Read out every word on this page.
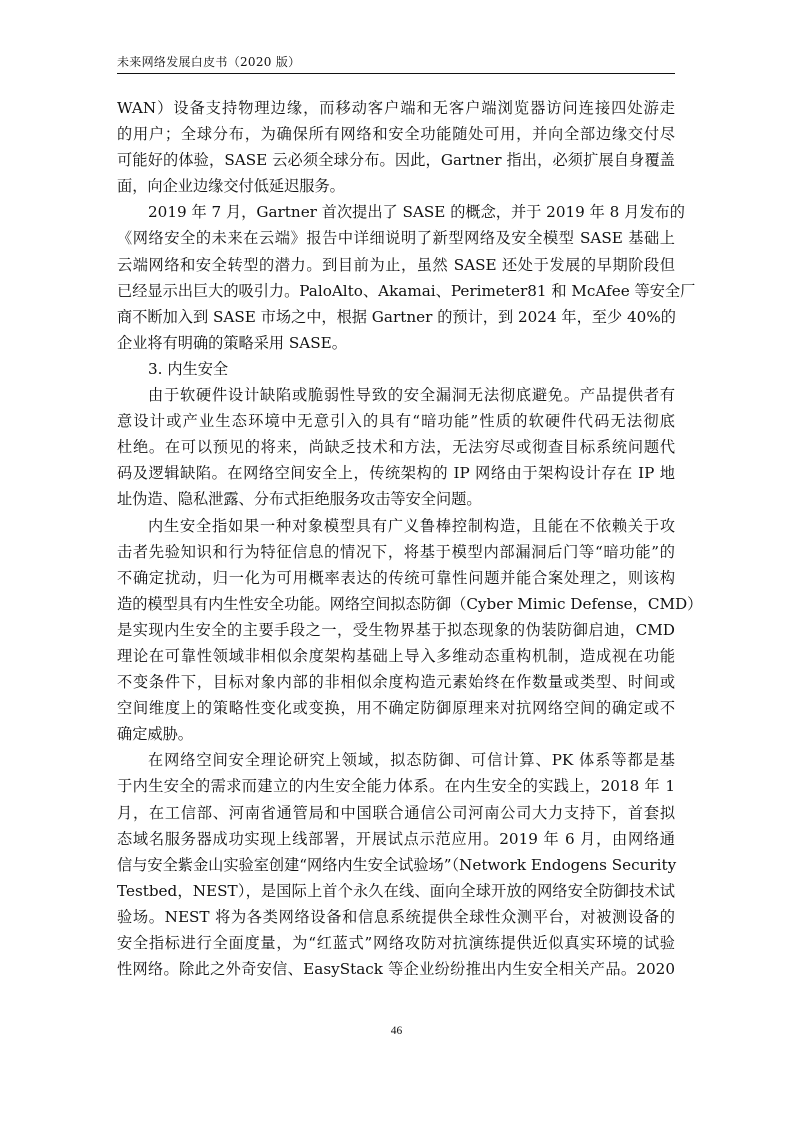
未来网络发展白皮书（2020 版）
WAN）设备支持物理边缘，而移动客户端和无客户端浏览器访问连接四处游走
的用户；全球分布，为确保所有网络和安全功能随处可用，并向全部边缘交付尽
可能好的体验，SASE 云必须全球分布。因此，Gartner 指出，必须扩展自身覆盖
面，向企业边缘交付低延迟服务。
2019 年 7 月，Gartner 首次提出了 SASE 的概念，并于 2019 年 8 月发布的
《网络安全的未来在云端》报告中详细说明了新型网络及安全模型 SASE 基础上
云端网络和安全转型的潜力。到目前为止，虽然 SASE 还处于发展的早期阶段但
已经显示出巨大的吸引力。PaloAlto、Akamai、Perimeter81 和 McAfee 等安全厂
商不断加入到 SASE 市场之中，根据 Gartner 的预计，到 2024 年，至少 40%的
企业将有明确的策略采用 SASE。
3. 内生安全
由于软硬件设计缺陷或脆弱性导致的安全漏洞无法彻底避免。产品提供者有
意设计或产业生态环境中无意引入的具有“暗功能”性质的软硬件代码无法彻底
杜绝。在可以预见的将来，尚缺乏技术和方法，无法穷尽或彻查目标系统问题代
码及逻辑缺陷。在网络空间安全上，传统架构的 IP 网络由于架构设计存在 IP 地
址伪造、隐私泄露、分布式拒绝服务攻击等安全问题。
内生安全指如果一种对象模型具有广义鲁棒控制构造，且能在不依赖关于攻
击者先验知识和行为特征信息的情况下，将基于模型内部漏洞后门等“暗功能”的
不确定扰动，归一化为可用概率表达的传统可靠性问题并能合案处理之，则该构
造的模型具有内生性安全功能。网络空间拟态防御（Cyber Mimic Defense，CMD）
是实现内生安全的主要手段之一，受生物界基于拟态现象的伪装防御启迪，CMD
理论在可靠性领域非相似余度架构基础上导入多维动态重构机制，造成视在功能
不变条件下，目标对象内部的非相似余度构造元素始终在作数量或类型、时间或
空间维度上的策略性变化或变换，用不确定防御原理来对抗网络空间的确定或不
确定威胁。
在网络空间安全理论研究上领域，拟态防御、可信计算、PK 体系等都是基
于内生安全的需求而建立的内生安全能力体系。在内生安全的实践上，2018 年 1
月，在工信部、河南省通管局和中国联合通信公司河南公司大力支持下，首套拟
态域名服务器成功实现上线部署，开展试点示范应用。2019 年 6 月，由网络通
信与安全紫金山实验室创建“网络内生安全试验场”（Network Endogens Security
Testbed，NEST），是国际上首个永久在线、面向全球开放的网络安全防御技术试
验场。NEST 将为各类网络设备和信息系统提供全球性众测平台，对被测设备的
安全指标进行全面度量，为“红蓝式”网络攻防对抗演练提供近似真实环境的试验
性网络。除此之外奇安信、EasyStack 等企业纷纷推出内生安全相关产品。2020
46
